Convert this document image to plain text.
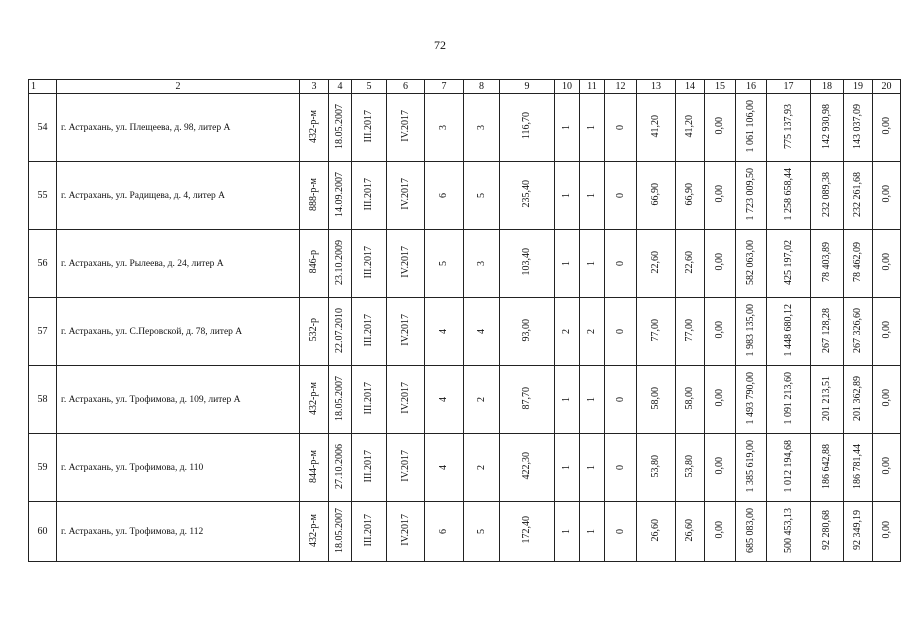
72
1	2	3	4	5	6	7	8	9	10	11	12	13	14	15	16	17	18	19	20
54	г. Астрахань, ул. Плещеева, д. 98, литер А	432-р-м	18.05.2007	III.2017	IV.2017	3	3	116,70	1	1	0	41,20	41,20	0,00	1 061 106,00	775 137,93	142 930,98	143 037,09	0,00
55	г. Астрахань, ул. Радищева, д. 4, литер А	888-р-м	14.09.2007	III.2017	IV.2017	6	5	235,40	1	1	0	66,90	66,90	0,00	1 723 009,50	1 258 658,44	232 089,38	232 261,68	0,00
56	г. Астрахань, ул. Рылеева, д. 24, литер А	846-р	23.10.2009	III.2017	IV.2017	5	3	103,40	1	1	0	22,60	22,60	0,00	582 063,00	425 197,02	78 403,89	78 462,09	0,00
57	г. Астрахань, ул. С.Перовской, д. 78, литер А	532-р	22.07.2010	III.2017	IV.2017	4	4	93,00	2	2	0	77,00	77,00	0,00	1 983 135,00	1 448 680,12	267 128,28	267 326,60	0,00
58	г. Астрахань, ул. Трофимова, д. 109, литер А	432-р-м	18.05.2007	III.2017	IV.2017	4	2	87,70	1	1	0	58,00	58,00	0,00	1 493 790,00	1 091 213,60	201 213,51	201 362,89	0,00
59	г. Астрахань, ул. Трофимова, д. 110	844-р-м	27.10.2006	III.2017	IV.2017	4	2	422,30	1	1	0	53,80	53,80	0,00	1 385 619,00	1 012 194,68	186 642,88	186 781,44	0,00
60	г. Астрахань, ул. Трофимова, д. 112	432-р-м	18.05.2007	III.2017	IV.2017	6	5	172,40	1	1	0	26,60	26,60	0,00	685 083,00	500 453,13	92 280,68	92 349,19	0,00
